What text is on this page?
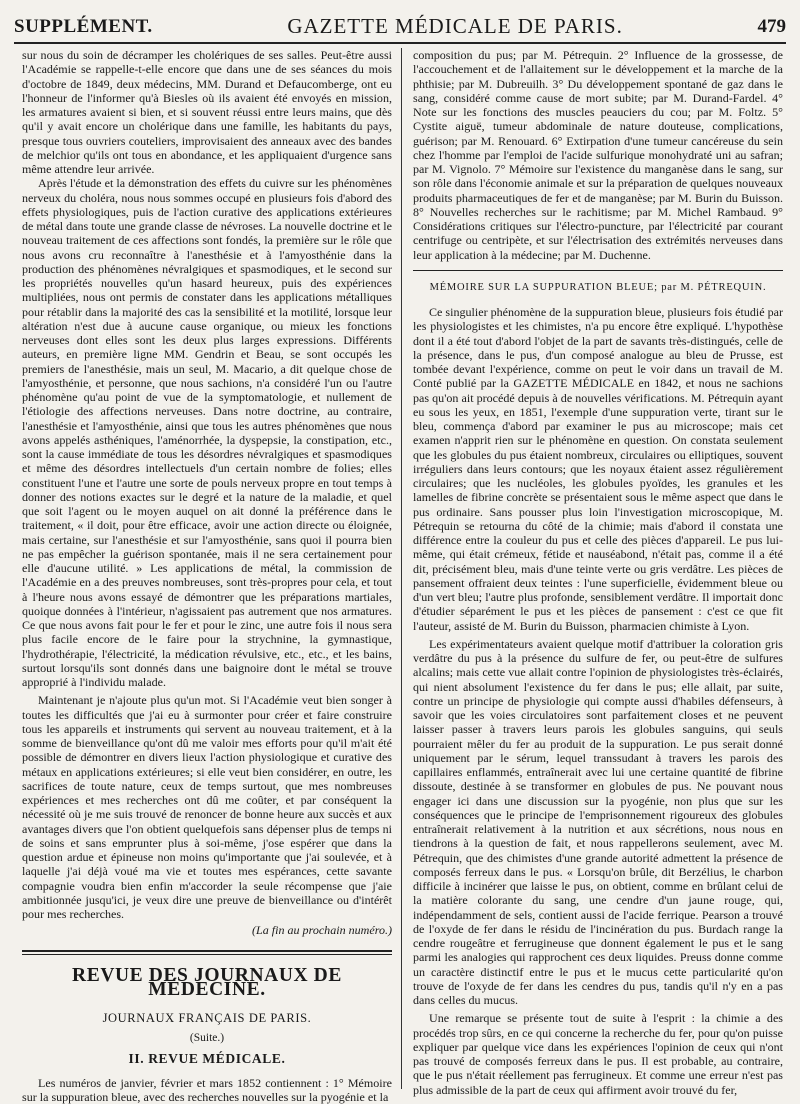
SUPPLÉMENT.	GAZETTE MÉDICALE DE PARIS.	479

sur nous du soin de décramper les cholériques de ses salles. Peut-être aussi l'Académie se rappelle-t-elle encore que dans une de ses séances du mois d'octobre de 1849, deux médecins, MM. Durand et Defaucomberge, ont eu l'honneur de l'informer qu'à Biesles où ils avaient été envoyés en mission, les armatures avaient si bien, et si souvent réussi entre leurs mains, que dès qu'il y avait encore un cholérique dans une famille, les habitants du pays, presque tous ouvriers couteliers, improvisaient des anneaux avec des bandes de melchior qu'ils ont tous en abondance, et les appliquaient d'urgence sans même attendre leur arrivée.

Après l'étude et la démonstration des effets du cuivre sur les phénomènes nerveux du choléra, nous nous sommes occupé en plusieurs fois d'abord des effets physiologiques, puis de l'action curative des applications extérieures de métal dans toute une grande classe de névroses. La nouvelle doctrine et le nouveau traitement de ces affections sont fondés, la première sur le rôle que nous avons cru reconnaître à l'anesthésie et à l'amyosthénie dans la production des phénomènes névralgiques et spasmodiques, et le second sur les propriétés nouvelles qu'un hasard heureux, puis des expériences multipliées, nous ont permis de constater dans les applications métalliques pour rétablir dans la majorité des cas la sensibilité et la motilité, lorsque leur altération n'est due à aucune cause organique, ou mieux les fonctions nerveuses dont elles sont les deux plus larges expressions. Différents auteurs, en première ligne MM. Gendrin et Beau, se sont occupés les premiers de l'anesthésie, mais un seul, M. Macario, a dit quelque chose de l'amyosthénie, et personne, que nous sachions, n'a considéré l'un ou l'autre phénomène qu'au point de vue de la symptomatologie, et nullement de l'étiologie des affections nerveuses. Dans notre doctrine, au contraire, l'anesthésie et l'amyosthénie, ainsi que tous les autres phénomènes que nous avons appelés asthéniques, l'aménorrhée, la dyspepsie, la constipation, etc., sont la cause immédiate de tous les désordres névralgiques et spasmodiques et même des désordres intellectuels d'un certain nombre de folies; elles constituent l'une et l'autre une sorte de pouls nerveux propre en tout temps à donner des notions exactes sur le degré et la nature de la maladie, et quel que soit l'agent ou le moyen auquel on ait donné la préférence dans le traitement, « il doit, pour être efficace, avoir une action directe ou éloignée, mais certaine, sur l'anesthésie et sur l'amyosthénie, sans quoi il pourra bien ne pas empêcher la guérison spontanée, mais il ne sera certainement pour elle d'aucune utilité. » Les applications de métal, la commission de l'Académie en a des preuves nombreuses, sont très-propres pour cela, et tout à l'heure nous avons essayé de démontrer que les préparations martiales, quoique données à l'intérieur, n'agissaient pas autrement que nos armatures. Ce que nous avons fait pour le fer et pour le zinc, une autre fois il nous sera plus facile encore de le faire pour la strychnine, la gymnastique, l'hydrothérapie, l'électricité, la médication révulsive, etc., etc., et les bains, surtout lorsqu'ils sont donnés dans une baignoire dont le métal se trouve approprié à l'individu malade.

Maintenant je n'ajoute plus qu'un mot. Si l'Académie veut bien songer à toutes les difficultés que j'ai eu à surmonter pour créer et faire construire tous les appareils et instruments qui servent au nouveau traitement, et à la somme de bienveillance qu'ont dû me valoir mes efforts pour qu'il m'ait été possible de démontrer en divers lieux l'action physiologique et curative des métaux en applications extérieures; si elle veut bien considérer, en outre, les sacrifices de toute nature, ceux de temps surtout, que mes nombreuses expériences et mes recherches ont dû me coûter, et par conséquent la nécessité où je me suis trouvé de renoncer de bonne heure aux succès et aux avantages divers que l'on obtient quelquefois sans dépenser plus de temps ni de soins et sans emprunter plus à soi-même, j'ose espérer que dans la question ardue et épineuse non moins qu'importante que j'ai soulevée, et à laquelle j'ai déjà voué ma vie et toutes mes espérances, cette savante compagnie voudra bien enfin m'accorder la seule récompense que j'aie ambitionnée jusqu'ici, je veux dire une preuve de bienveillance ou d'intérêt pour mes recherches.

(La fin au prochain numéro.)
REVUE DES JOURNAUX DE MÉDECINE.
JOURNAUX FRANÇAIS DE PARIS.
(Suite.)
II. REVUE MÉDICALE.

Les numéros de janvier, février et mars 1852 contiennent : 1° Mémoire sur la suppuration bleue, avec des recherches nouvelles sur la pyogénie et la

composition du pus; par M. Pétrequin. 2° Influence de la grossesse, de l'accouchement et de l'allaitement sur le développement et la marche de la phthisie; par M. Dubreuilh. 3° Du développement spontané de gaz dans le sang, considéré comme cause de mort subite; par M. Durand-Fardel. 4° Note sur les fonctions des muscles peauciers du cou; par M. Foltz. 5° Cystite aiguë, tumeur abdominale de nature douteuse, complications, guérison; par M. Renouard. 6° Extirpation d'une tumeur cancéreuse du sein chez l'homme par l'emploi de l'acide sulfurique monohydraté uni au safran; par M. Vignolo. 7° Mémoire sur l'existence du manganèse dans le sang, sur son rôle dans l'économie animale et sur la préparation de quelques nouveaux produits pharmaceutiques de fer et de manganèse; par M. Burin du Buisson. 8° Nouvelles recherches sur le rachitisme; par M. Michel Rambaud. 9° Considérations critiques sur l'électro-puncture, par l'électricité par courant centrifuge ou centripète, et sur l'électrisation des extrémités nerveuses dans leur application à la médecine; par M. Duchenne.

MÉMOIRE SUR LA SUPPURATION BLEUE; par M. PÉTREQUIN.

Ce singulier phénomène de la suppuration bleue, plusieurs fois étudié par les physiologistes et les chimistes, n'a pu encore être expliqué. L'hypothèse dont il a été tout d'abord l'objet de la part de savants très-distingués, celle de la présence, dans le pus, d'un composé analogue au bleu de Prusse, est tombée devant l'expérience, comme on peut le voir dans un travail de M. Conté publié par la GAZETTE MÉDICALE en 1842, et nous ne sachions pas qu'on ait procédé depuis à de nouvelles vérifications. M. Pétrequin ayant eu sous les yeux, en 1851, l'exemple d'une suppuration verte, tirant sur le bleu, commença d'abord par examiner le pus au microscope; mais cet examen n'apprit rien sur le phénomène en question. On constata seulement que les globules du pus étaient nombreux, circulaires ou elliptiques, souvent irréguliers dans leurs contours; que les noyaux étaient assez régulièrement circulaires; que les nucléoles, les globules pyoïdes, les granules et les lamelles de fibrine concrète se présentaient sous le même aspect que dans le pus ordinaire. Sans pousser plus loin l'investigation microscopique, M. Pétrequin se retourna du côté de la chimie; mais d'abord il constata une différence entre la couleur du pus et celle des pièces d'appareil. Le pus lui-même, qui était crémeux, fétide et nauséabond, n'était pas, comme il a été dit, précisément bleu, mais d'une teinte verte ou gris verdâtre. Les pièces de pansement offraient deux teintes : l'une superficielle, évidemment bleue ou d'un vert bleu; l'autre plus profonde, sensiblement verdâtre. Il importait donc d'étudier séparément le pus et les pièces de pansement : c'est ce que fit l'auteur, assisté de M. Burin du Buisson, pharmacien chimiste à Lyon.

Les expérimentateurs avaient quelque motif d'attribuer la coloration gris verdâtre du pus à la présence du sulfure de fer, ou peut-être de sulfures alcalins; mais cette vue allait contre l'opinion de physiologistes très-éclairés, qui nient absolument l'existence du fer dans le pus; elle allait, par suite, contre un principe de physiologie qui compte aussi d'habiles défenseurs, à savoir que les voies circulatoires sont parfaitement closes et ne peuvent laisser passer à travers leurs parois les globules sanguins, qui seuls pourraient mêler du fer au produit de la suppuration. Le pus serait donné uniquement par le sérum, lequel transsudant à travers les parois des capillaires enflammés, entraînerait avec lui une certaine quantité de fibrine dissoute, destinée à se transformer en globules de pus. Ne pouvant nous engager ici dans une discussion sur la pyogénie, non plus que sur les conséquences que le principe de l'emprisonnement rigoureux des globules entraînerait relativement à la nutrition et aux sécrétions, nous nous en tiendrons à la question de fait, et nous rappellerons seulement, avec M. Pétrequin, que des chimistes d'une grande autorité admettent la présence de composés ferreux dans le pus. « Lorsqu'on brûle, dit Berzélius, le charbon difficile à incinérer que laisse le pus, on obtient, comme en brûlant celui de la matière colorante du sang, une cendre d'un jaune rouge, qui, indépendamment de sels, contient aussi de l'acide ferrique. Pearson a trouvé de l'oxyde de fer dans le résidu de l'incinération du pus. Burdach range la cendre rougeâtre et ferrugineuse que donnent également le pus et le sang parmi les analogies qui rapprochent ces deux liquides. Preuss donne comme un caractère distinctif entre le pus et le mucus cette particularité qu'on trouve de l'oxyde de fer dans les cendres du pus, tandis qu'il n'y en a pas dans celles du mucus.

Une remarque se présente tout de suite à l'esprit : la chimie a des procédés trop sûrs, en ce qui concerne la recherche du fer, pour qu'on puisse expliquer par quelque vice dans les expériences l'opinion de ceux qui n'ont pas trouvé de composés ferreux dans le pus. Il est probable, au contraire, que le pus n'était réellement pas ferrugineux. Et comme une erreur n'est pas plus admissible de la part de ceux qui affirment avoir trouvé du fer,
